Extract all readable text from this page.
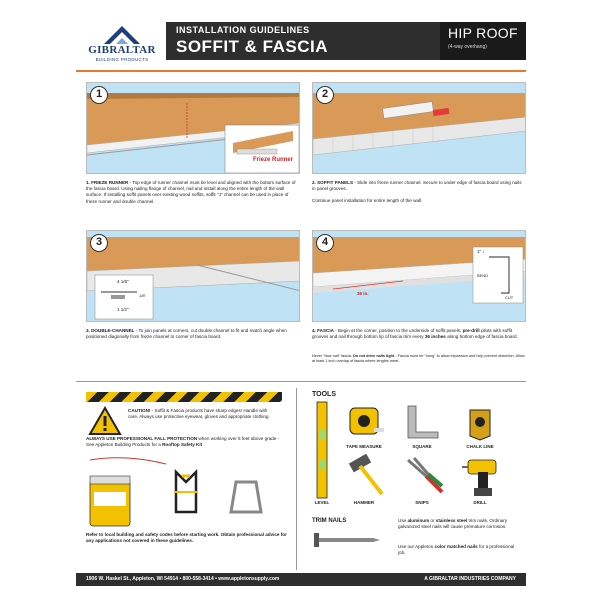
GIBRALTAR
BUILDING PRODUCTS
INSTALLATION GUIDELINES
SOFFIT & FASCIA
HIP ROOF
(4-way overhang)
Frieze Runner
1
1. FRIEZE RUNNER - Top edge of runner channel must be level and aligned with the bottom surface of the fascia board. Using nailing flange of channel, nail and install along the entire length of the wall surface. If installing soffit panels over existing wood soffits, soffit "J" channel can be used in place of frieze runner and double channel.
2
2. SOFFIT PANELS - Slide into frieze runner channel. Secure to under edge of fascia board using nails in panel grooves.
Continue panel installation for entire length of the wall.
4 1/8"
1 1/2"
1/8"
3
3. DOUBLE-CHANNEL - To join panels at corners, cut double channel to fit and match angle when positioned diagonally from frieze channel to corner of fascia board.
36 in.
1" ↕
BEND
CUT
4
4. FASCIA - Begin at the corner, position to the underside of soffit panels, pre-drill pilots with soffit grooves and nail through bottom lip of fascia trim every 36 inches along bottom edge of fascia board.
Never "face nail" fascia. Do not drive nails tight - Fascia must be "hung" to allow expansion and help prevent distortion. Allow at least 1 inch overlap of fascia where lengths meet.
CAUTION! - Soffit & Fascia products have sharp edges! Handle with care. Always use protective eyewear, gloves and appropriate clothing.
ALWAYS USE PROFESSIONAL FALL PROTECTION when working over 6 feet above grade - See Appleton Building Products for a Rooftop Safety Kit
Refer to local building and safety codes before starting work. Obtain professional advice for any applications not covered in these guidelines.
TOOLS
TAPE MEASURE	SQUARE	CHALK LINE
LEVEL	HAMMER	SNIPS	DRILL
TRIM NAILS	Use aluminum or stainless steel trim nails. Ordinary galvanized steel nails will cause premature corrosion.
Use our Appleton color matched nails for a professional job.
1906 W. Haskel St., Appleton, WI 54914 • 800-558-3414 • www.appletonsupply.com	A GIBRALTAR INDUSTRIES COMPANY
